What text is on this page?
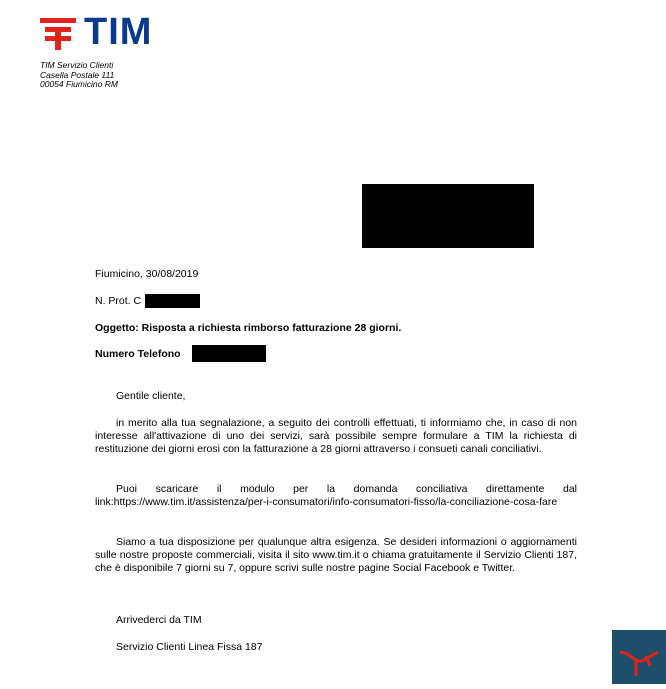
TIM
TIM Servizio Clienti
Casella Postale 111
00054 Fiumicino RM
Fiumicino, 30/08/2019
N. Prot. C
Oggetto: Risposta a richiesta rimborso fatturazione 28 giorni.
Numero Telefono
Gentile cliente,
in merito alla tua segnalazione, a seguito dei controlli effettuati, ti informiamo che, in caso di non interesse all'attivazione di uno dei servizi, sarà possibile sempre formulare a TIM la richiesta di restituzione dei giorni erosi con la fatturazione a 28 giorni attraverso i consueti canali conciliativi.
Puoi scaricare il modulo per la domanda conciliativa direttamente dal link:https://www.tim.it/assistenza/per-i-consumatori/info-consumatori-fisso/la-conciliazione-cosa-fare
Siamo a tua disposizione per qualunque altra esigenza. Se desideri informazioni o aggiornamenti sulle nostre proposte commerciali, visita il sito www.tim.it o chiama gratuitamente il Servizio Clienti 187, che è disponibile 7 giorni su 7, oppure scrivi sulle nostre pagine Social Facebook e Twitter.
Arrivederci da TIM
Servizio Clienti Linea Fissa 187
